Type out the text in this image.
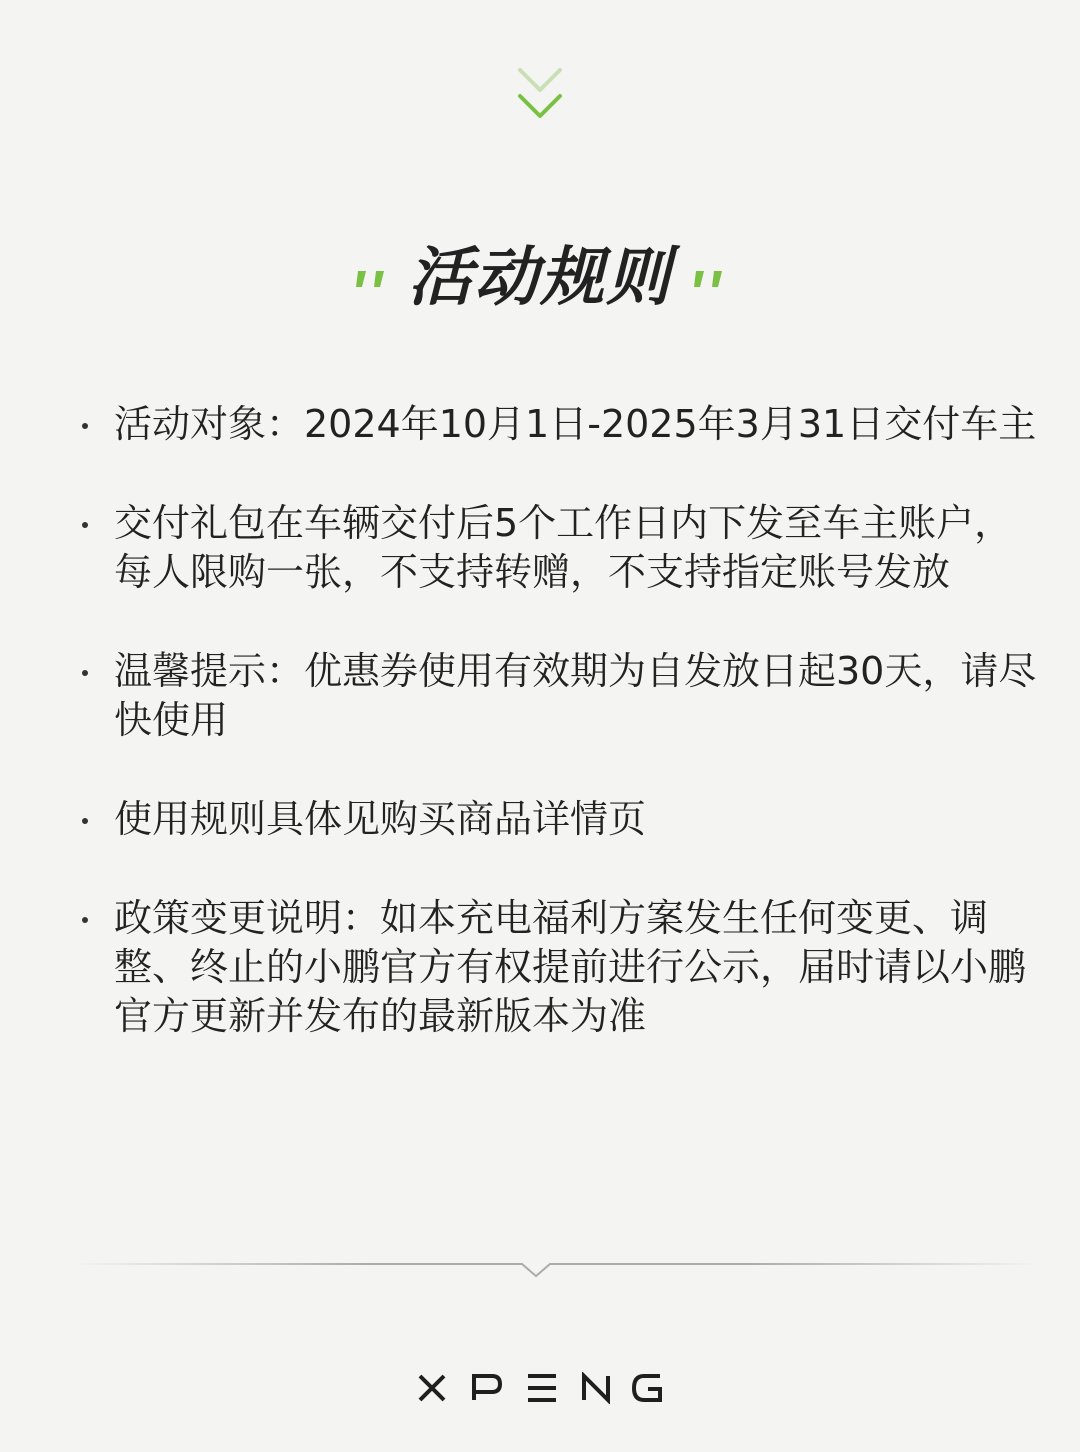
活动规则
活动对象：2024年10月1日-2025年3月31日交付车主
交付礼包在车辆交付后5个工作日内下发至车主账户，每人限购一张，不支持转赠，不支持指定账号发放
温馨提示：优惠券使用有效期为自发放日起30天，请尽快使用
使用规则具体见购买商品详情页
政策变更说明：如本充电福利方案发生任何变更、调整、终止的小鹏官方有权提前进行公示，届时请以小鹏官方更新并发布的最新版本为准
